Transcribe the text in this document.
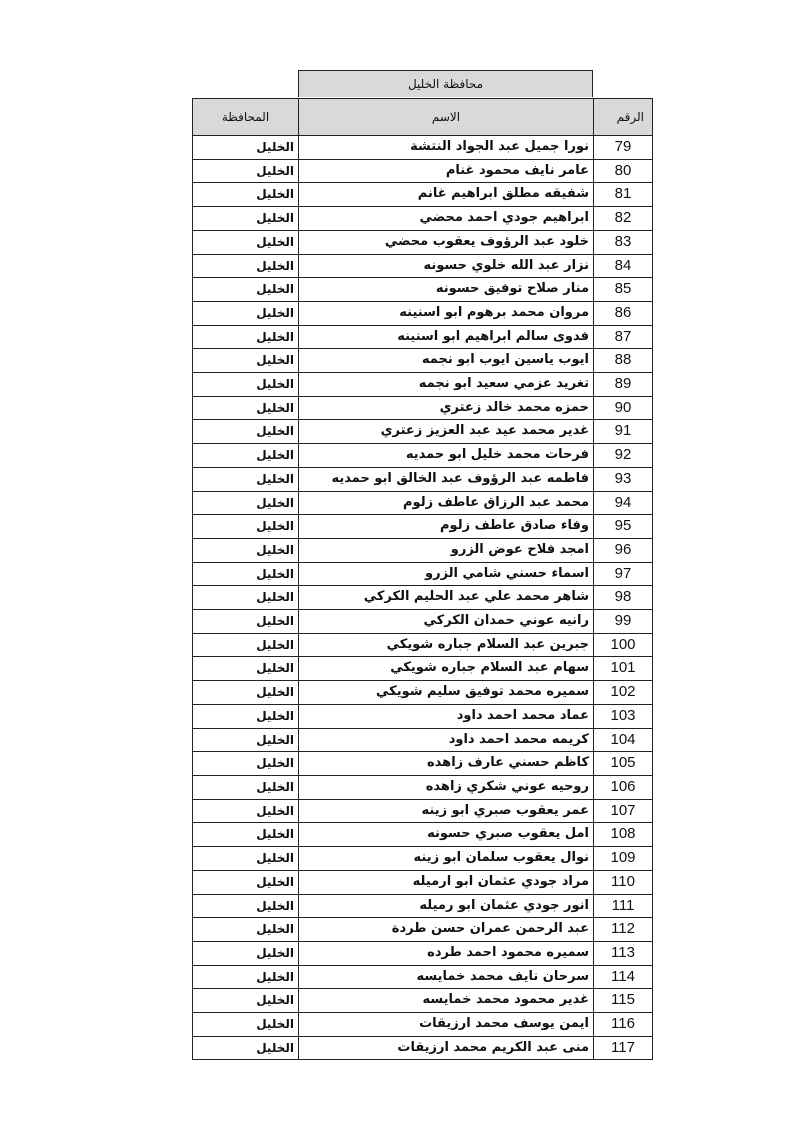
محافظة الخليل
الرقم	الاسم	المحافظة
79	نورا جميل عبد الجواد النتشة	الخليل
80	عامر نايف محمود غنام	الخليل
81	شفيقه مطلق ابراهيم غانم	الخليل
82	ابراهيم جودي احمد محضي	الخليل
83	خلود عبد الرؤوف يعقوب محضي	الخليل
84	نزار عبد الله خلوي حسونه	الخليل
85	منار صلاح توفيق حسونه	الخليل
86	مروان محمد برهوم ابو اسنينه	الخليل
87	فدوى سالم ابراهيم ابو اسنينه	الخليل
88	ايوب ياسين ايوب ابو نجمه	الخليل
89	تغريد عزمي سعيد ابو نجمه	الخليل
90	حمزه محمد خالد زعتري	الخليل
91	غدير محمد عيد عبد العزيز زعتري	الخليل
92	فرحات محمد خليل ابو حمديه	الخليل
93	فاطمه عبد الرؤوف عبد الخالق ابو حمديه	الخليل
94	محمد عبد الرزاق عاطف زلوم	الخليل
95	وفاء صادق عاطف زلوم	الخليل
96	امجد فلاح عوض الزرو	الخليل
97	اسماء حسني شامي الزرو	الخليل
98	شاهر محمد علي عبد الحليم الكركي	الخليل
99	رانيه عوني حمدان الكركي	الخليل
100	جبرين عبد السلام جباره شويكي	الخليل
101	سهام عبد السلام جباره شويكي	الخليل
102	سميره محمد توفيق سليم شويكي	الخليل
103	عماد محمد احمد داود	الخليل
104	كريمه محمد احمد داود	الخليل
105	كاظم حسني عارف زاهده	الخليل
106	روحيه عوني شكري زاهده	الخليل
107	عمر يعقوب صبري ابو زينه	الخليل
108	امل يعقوب صبري حسونه	الخليل
109	نوال يعقوب سلمان ابو زينه	الخليل
110	مراد جودي عثمان ابو ارميله	الخليل
111	انور جودي عثمان ابو رميله	الخليل
112	عبد الرحمن عمران حسن طردة	الخليل
113	سميره محمود احمد طرده	الخليل
114	سرحان نايف محمد خمايسه	الخليل
115	غدير محمود محمد خمايسه	الخليل
116	ايمن يوسف محمد ارزيقات	الخليل
117	منى عبد الكريم محمد ارزيقات	الخليل
